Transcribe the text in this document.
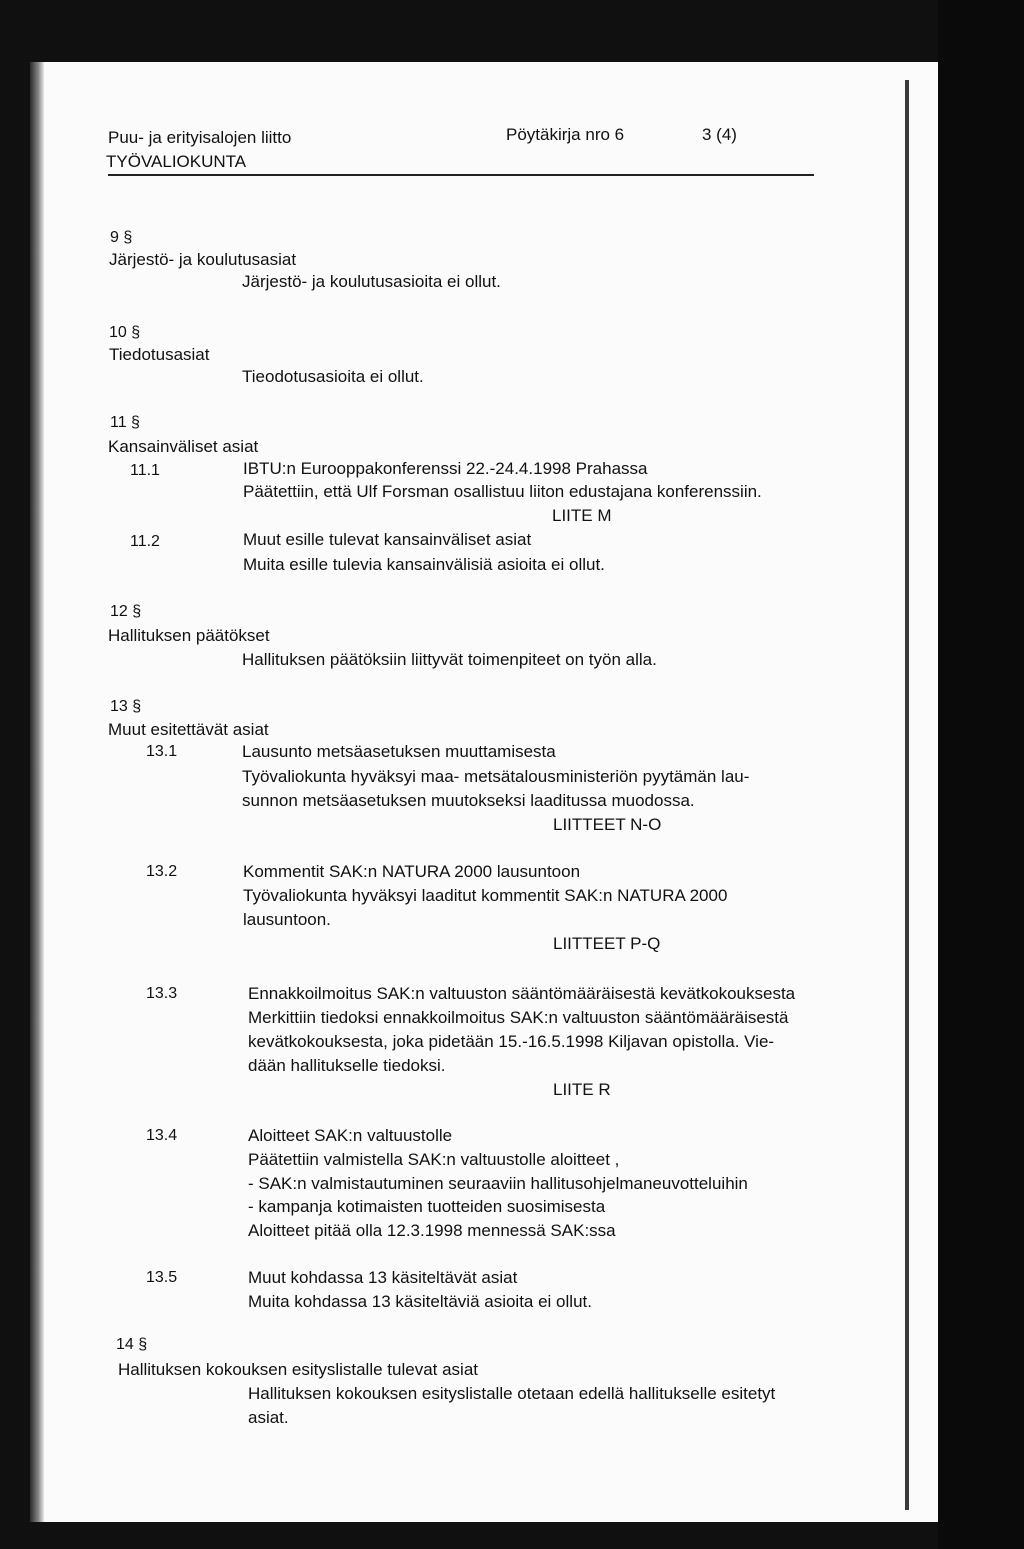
Puu- ja erityisalojen liitto	Pöytäkirja nro 6	3 (4)
TYÖVALIOKUNTA
9 §
Järjestö- ja koulutusasiat
Järjestö- ja koulutusasioita ei ollut.
10 §
Tiedotusasiat
Tieodotusasioita ei ollut.
11 §
Kansainväliset asiat
11.1	IBTU:n Eurooppakonferenssi 22.-24.4.1998 Prahassa
Päätettiin, että Ulf Forsman osallistuu liiton edustajana konferenssiin.
LIITE M
11.2	Muut esille tulevat kansainväliset asiat
Muita esille tulevia kansainvälisiä asioita ei ollut.
12 §
Hallituksen päätökset
Hallituksen päätöksiin liittyvät toimenpiteet on työn alla.
13 §
Muut esitettävät asiat
13.1	Lausunto metsäasetuksen muuttamisesta
Työvaliokunta hyväksyi maa- metsätalousministeriön pyytämän lau-
sunnon metsäasetuksen muutokseksi laaditussa muodossa.
LIITTEET N-O
13.2	Kommentit SAK:n NATURA 2000 lausuntoon
Työvaliokunta hyväksyi laaditut kommentit SAK:n NATURA 2000
lausuntoon.
LIITTEET P-Q
13.3	Ennakkoilmoitus SAK:n valtuuston sääntömääräisestä kevätkokouksesta
Merkittiin tiedoksi ennakkoilmoitus SAK:n valtuuston sääntömääräisestä
kevätkokouksesta, joka pidetään 15.-16.5.1998 Kiljavan opistolla. Vie-
dään hallitukselle tiedoksi.
LIITE R
13.4	Aloitteet SAK:n valtuustolle
Päätettiin valmistella SAK:n valtuustolle aloitteet ,
- SAK:n valmistautuminen seuraaviin hallitusohjelmaneuvotteluihin
- kampanja kotimaisten tuotteiden suosimisesta
Aloitteet pitää olla 12.3.1998 mennessä SAK:ssa
13.5	Muut kohdassa 13 käsiteltävät asiat
Muita kohdassa 13 käsiteltäviä asioita ei ollut.
14 §
Hallituksen kokouksen esityslistalle tulevat asiat
Hallituksen kokouksen esityslistalle otetaan edellä hallitukselle esitetyt
asiat.
